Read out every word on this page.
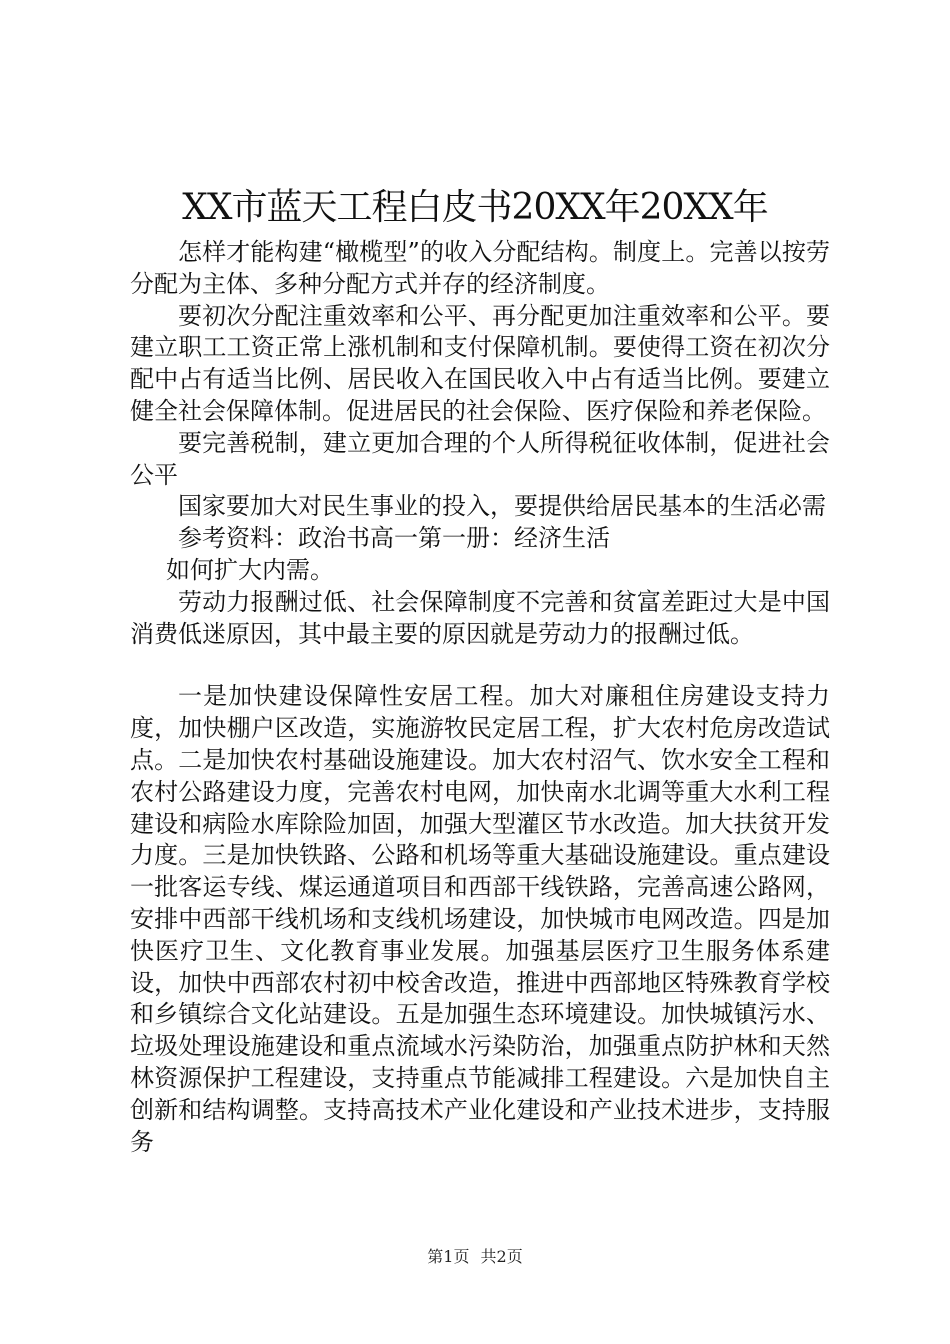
XX市蓝天工程白皮书20XX年20XX年

怎样才能构建“橄榄型”的收入分配结构。制度上。完善以按劳分配为主体、多种分配方式并存的经济制度。

要初次分配注重效率和公平、再分配更加注重效率和公平。要建立职工工资正常上涨机制和支付保障机制。要使得工资在初次分配中占有适当比例、居民收入在国民收入中占有适当比例。要建立健全社会保障体制。促进居民的社会保险、医疗保险和养老保险。

要完善税制，建立更加合理的个人所得税征收体制，促进社会公平

国家要加大对民生事业的投入，要提供给居民基本的生活必需

参考资料：政治书高一第一册：经济生活

如何扩大内需。

劳动力报酬过低、社会保障制度不完善和贫富差距过大是中国消费低迷原因，其中最主要的原因就是劳动力的报酬过低。

一是加快建设保障性安居工程。加大对廉租住房建设支持力度，加快棚户区改造，实施游牧民定居工程，扩大农村危房改造试点。二是加快农村基础设施建设。加大农村沼气、饮水安全工程和农村公路建设力度，完善农村电网，加快南水北调等重大水利工程建设和病险水库除险加固，加强大型灌区节水改造。加大扶贫开发力度。三是加快铁路、公路和机场等重大基础设施建设。重点建设一批客运专线、煤运通道项目和西部干线铁路，完善高速公路网，安排中西部干线机场和支线机场建设，加快城市电网改造。四是加快医疗卫生、文化教育事业发展。加强基层医疗卫生服务体系建设，加快中西部农村初中校舍改造，推进中西部地区特殊教育学校和乡镇综合文化站建设。五是加强生态环境建设。加快城镇污水、垃圾处理设施建设和重点流域水污染防治，加强重点防护林和天然林资源保护工程建设，支持重点节能减排工程建设。六是加快自主创新和结构调整。支持高技术产业化建设和产业技术进步，支持服务

第1页 共2页
